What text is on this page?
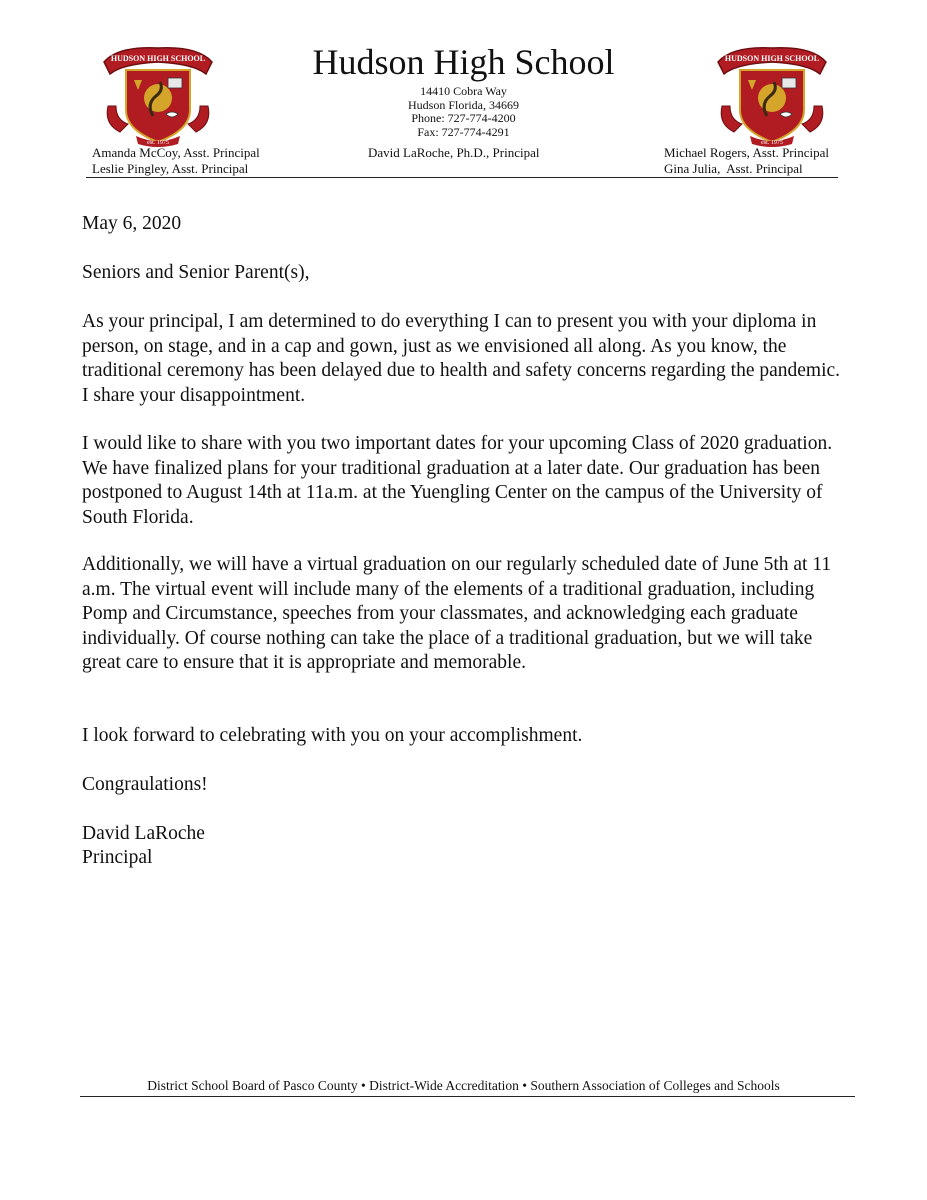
HUDSON HIGH SCHOOL
est. 1975
HUDSON HIGH SCHOOL
est. 1975
Hudson High School
14410 Cobra Way
Hudson Florida, 34669
Phone: 727-774-4200
Fax: 727-774-4291
Amanda McCoy, Asst. Principal
Leslie Pingley, Asst. Principal
David LaRoche, Ph.D., Principal	Michael Rogers, Asst. Principal
Gina Julia,  Asst. Principal
May 6, 2020
Seniors and Senior Parent(s),
As your principal, I am determined to do everything I can to present you with your diploma in person, on stage, and in a cap and gown, just as we envisioned all along. As you know, the traditional ceremony has been delayed due to health and safety concerns regarding the pandemic. I share your disappointment.
I would like to share with you two important dates for your upcoming Class of 2020 graduation. We have finalized plans for your traditional graduation at a later date. Our graduation has been postponed to August 14th at 11a.m. at the Yuengling Center on the campus of the University of South Florida.
Additionally, we will have a virtual graduation on our regularly scheduled date of June 5th at 11 a.m. The virtual event will include many of the elements of a traditional graduation, including Pomp and Circumstance, speeches from your classmates, and acknowledging each graduate individually. Of course nothing can take the place of a traditional graduation, but we will take great care to ensure that it is appropriate and memorable.
I look forward to celebrating with you on your accomplishment.
Congraulations!
David LaRoche
Principal
District School Board of Pasco County • District-Wide Accreditation • Southern Association of Colleges and Schools
